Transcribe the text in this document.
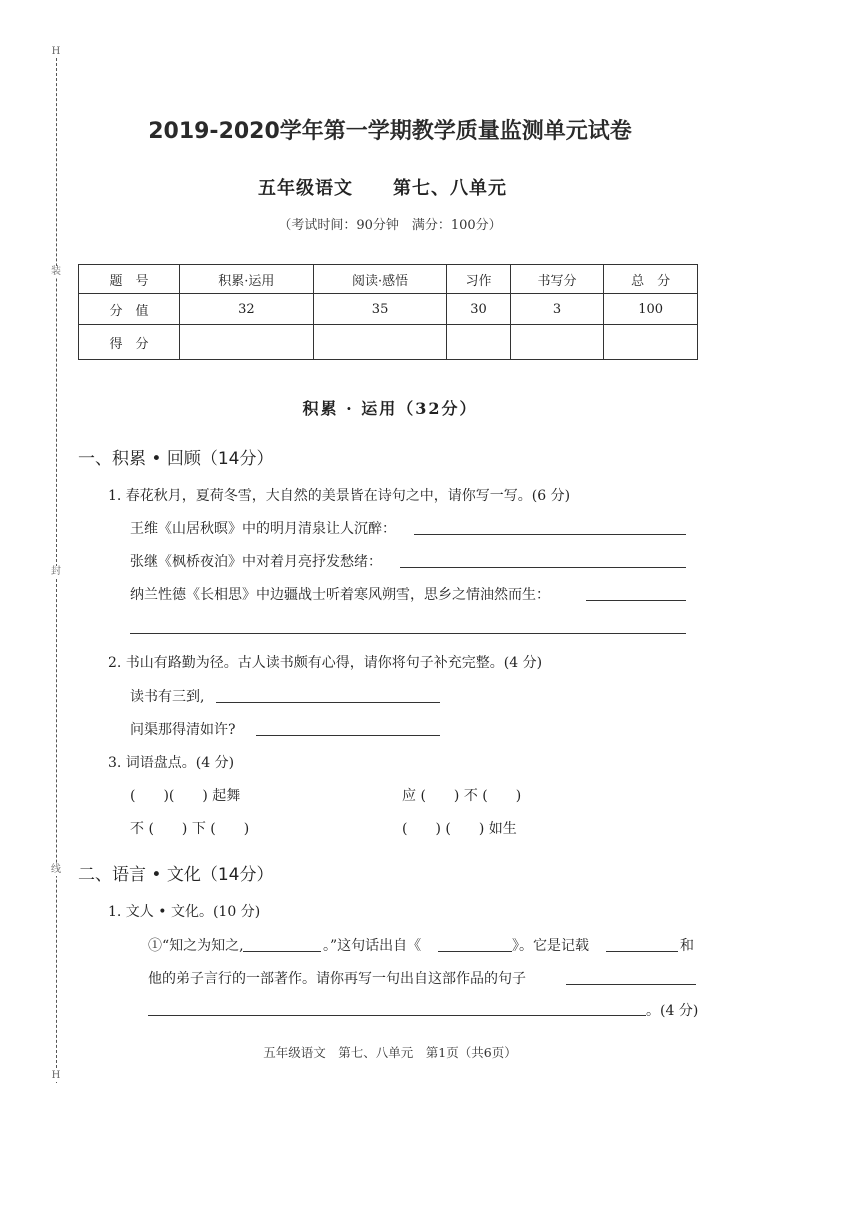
H
装
封
线
H
2019-2020学年第一学期教学质量监测单元试卷
五年级语文 第七、八单元
（考试时间：90分钟　满分：100分）
题　号	积累·运用	阅读·感悟	习作	书写分	总　分
分　值	32	35	30	3	100
得　分					
积累 · 运用（32分）
一、积累 • 回顾（14分）
1. 春花秋月，夏荷冬雪，大自然的美景皆在诗句之中，请你写一写。(6 分)
王维《山居秋暝》中的明月清泉让人沉醉：
张继《枫桥夜泊》中对着月亮抒发愁绪：
纳兰性德《长相思》中边疆战士听着寒风朔雪，思乡之情油然而生：
2. 书山有路勤为径。古人读书颇有心得，请你将句子补充完整。(4 分)
读书有三到,
问渠那得清如许?
3. 词语盘点。(4 分)
(　　)(　　) 起舞	应 (　　) 不 (　　)
不 (　　) 下 (　　)	(　　) (　　) 如生
二、语言 • 文化（14分）
1. 文人 • 文化。(10 分)
①“知之为知之,	。”这句话出自《	》。它是记载	和
他的弟子言行的一部著作。请你再写一句出自这部作品的句子
。(4 分)
五年级语文　第七、八单元　第1页（共6页）
